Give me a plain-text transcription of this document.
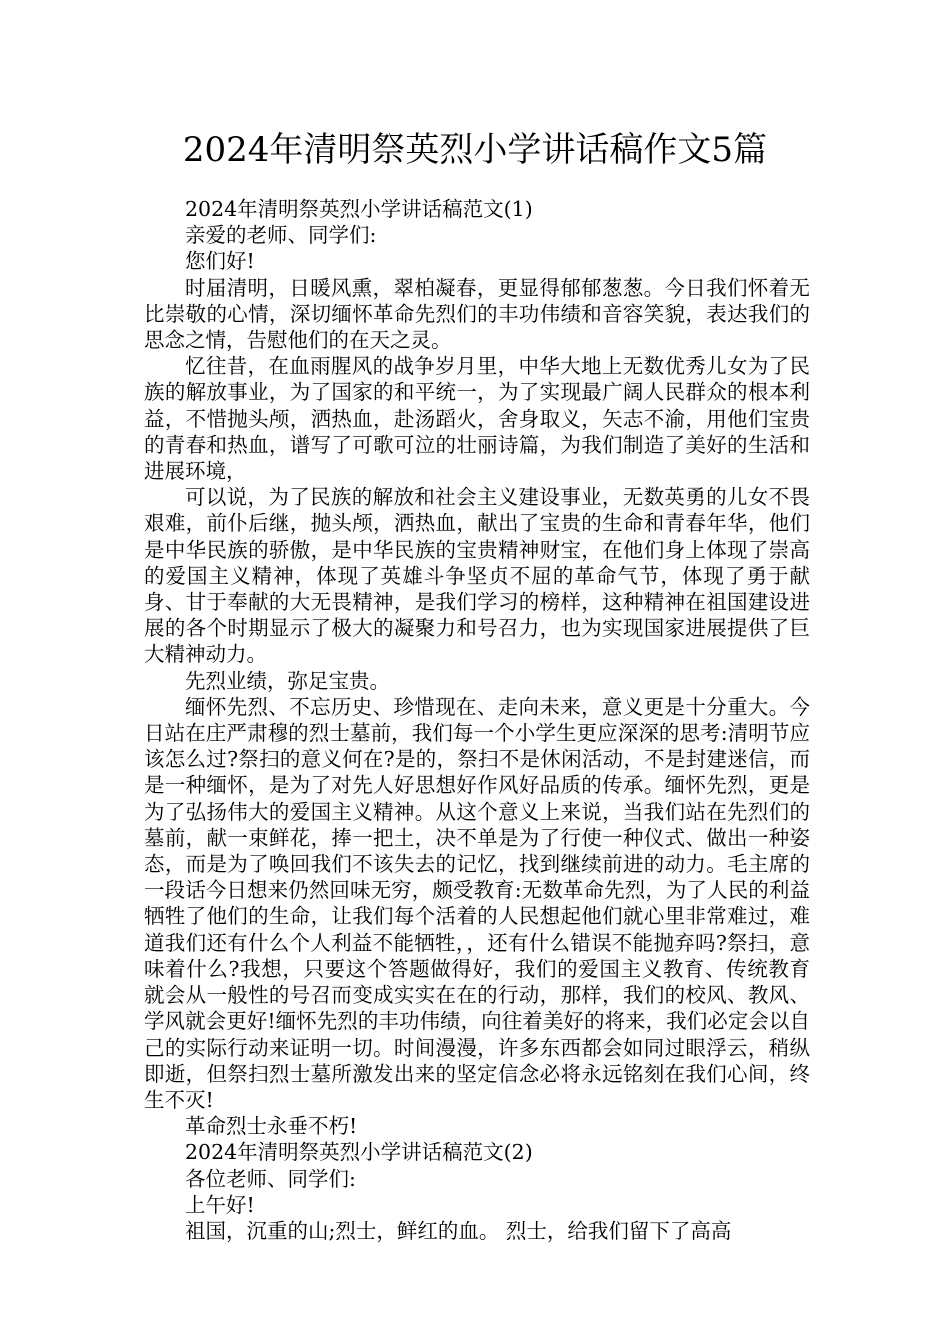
2024年清明祭英烈小学讲话稿作文5篇

2024年清明祭英烈小学讲话稿范文(1)

亲爱的老师、同学们:

您们好!

时届清明，日暖风熏，翠柏凝春，更显得郁郁葱葱。今日我们怀着无比崇敬的心情，深切缅怀革命先烈们的丰功伟绩和音容笑貌，表达我们的思念之情，告慰他们的在天之灵。

忆往昔，在血雨腥风的战争岁月里，中华大地上无数优秀儿女为了民族的解放事业，为了国家的和平统一，为了实现最广阔人民群众的根本利益，不惜抛头颅，洒热血，赴汤蹈火，舍身取义，矢志不渝，用他们宝贵的青春和热血，谱写了可歌可泣的壮丽诗篇，为我们制造了美好的生活和进展环境，

可以说，为了民族的解放和社会主义建设事业，无数英勇的儿女不畏艰难，前仆后继，抛头颅，洒热血，献出了宝贵的生命和青春年华，他们是中华民族的骄傲，是中华民族的宝贵精神财宝，在他们身上体现了崇高的爱国主义精神，体现了英雄斗争坚贞不屈的革命气节，体现了勇于献身、甘于奉献的大无畏精神，是我们学习的榜样，这种精神在祖国建设进展的各个时期显示了极大的凝聚力和号召力，也为实现国家进展提供了巨大精神动力。

先烈业绩，弥足宝贵。

缅怀先烈、不忘历史、珍惜现在、走向未来，意义更是十分重大。今日站在庄严肃穆的烈士墓前，我们每一个小学生更应深深的思考:清明节应该怎么过?祭扫的意义何在?是的，祭扫不是休闲活动，不是封建迷信，而是一种缅怀，是为了对先人好思想好作风好品质的传承。缅怀先烈，更是为了弘扬伟大的爱国主义精神。从这个意义上来说，当我们站在先烈们的墓前，献一束鲜花，捧一把土，决不单是为了行使一种仪式、做出一种姿态，而是为了唤回我们不该失去的记忆，找到继续前进的动力。毛主席的一段话今日想来仍然回味无穷，颇受教育:无数革命先烈，为了人民的利益牺牲了他们的生命，让我们每个活着的人民想起他们就心里非常难过，难道我们还有什么个人利益不能牺牲，，还有什么错误不能抛弃吗?祭扫，意味着什么?我想，只要这个答题做得好，我们的爱国主义教育、传统教育就会从一般性的号召而变成实实在在的行动，那样，我们的校风、教风、学风就会更好!缅怀先烈的丰功伟绩，向往着美好的将来，我们必定会以自己的实际行动来证明一切。时间漫漫，许多东西都会如同过眼浮云，稍纵即逝，但祭扫烈士墓所激发出来的坚定信念必将永远铭刻在我们心间，终生不灭!

革命烈士永垂不朽!

2024年清明祭英烈小学讲话稿范文(2)

各位老师、同学们:

上午好!

祖国，沉重的山;烈士，鲜红的血。 烈士，给我们留下了高高
